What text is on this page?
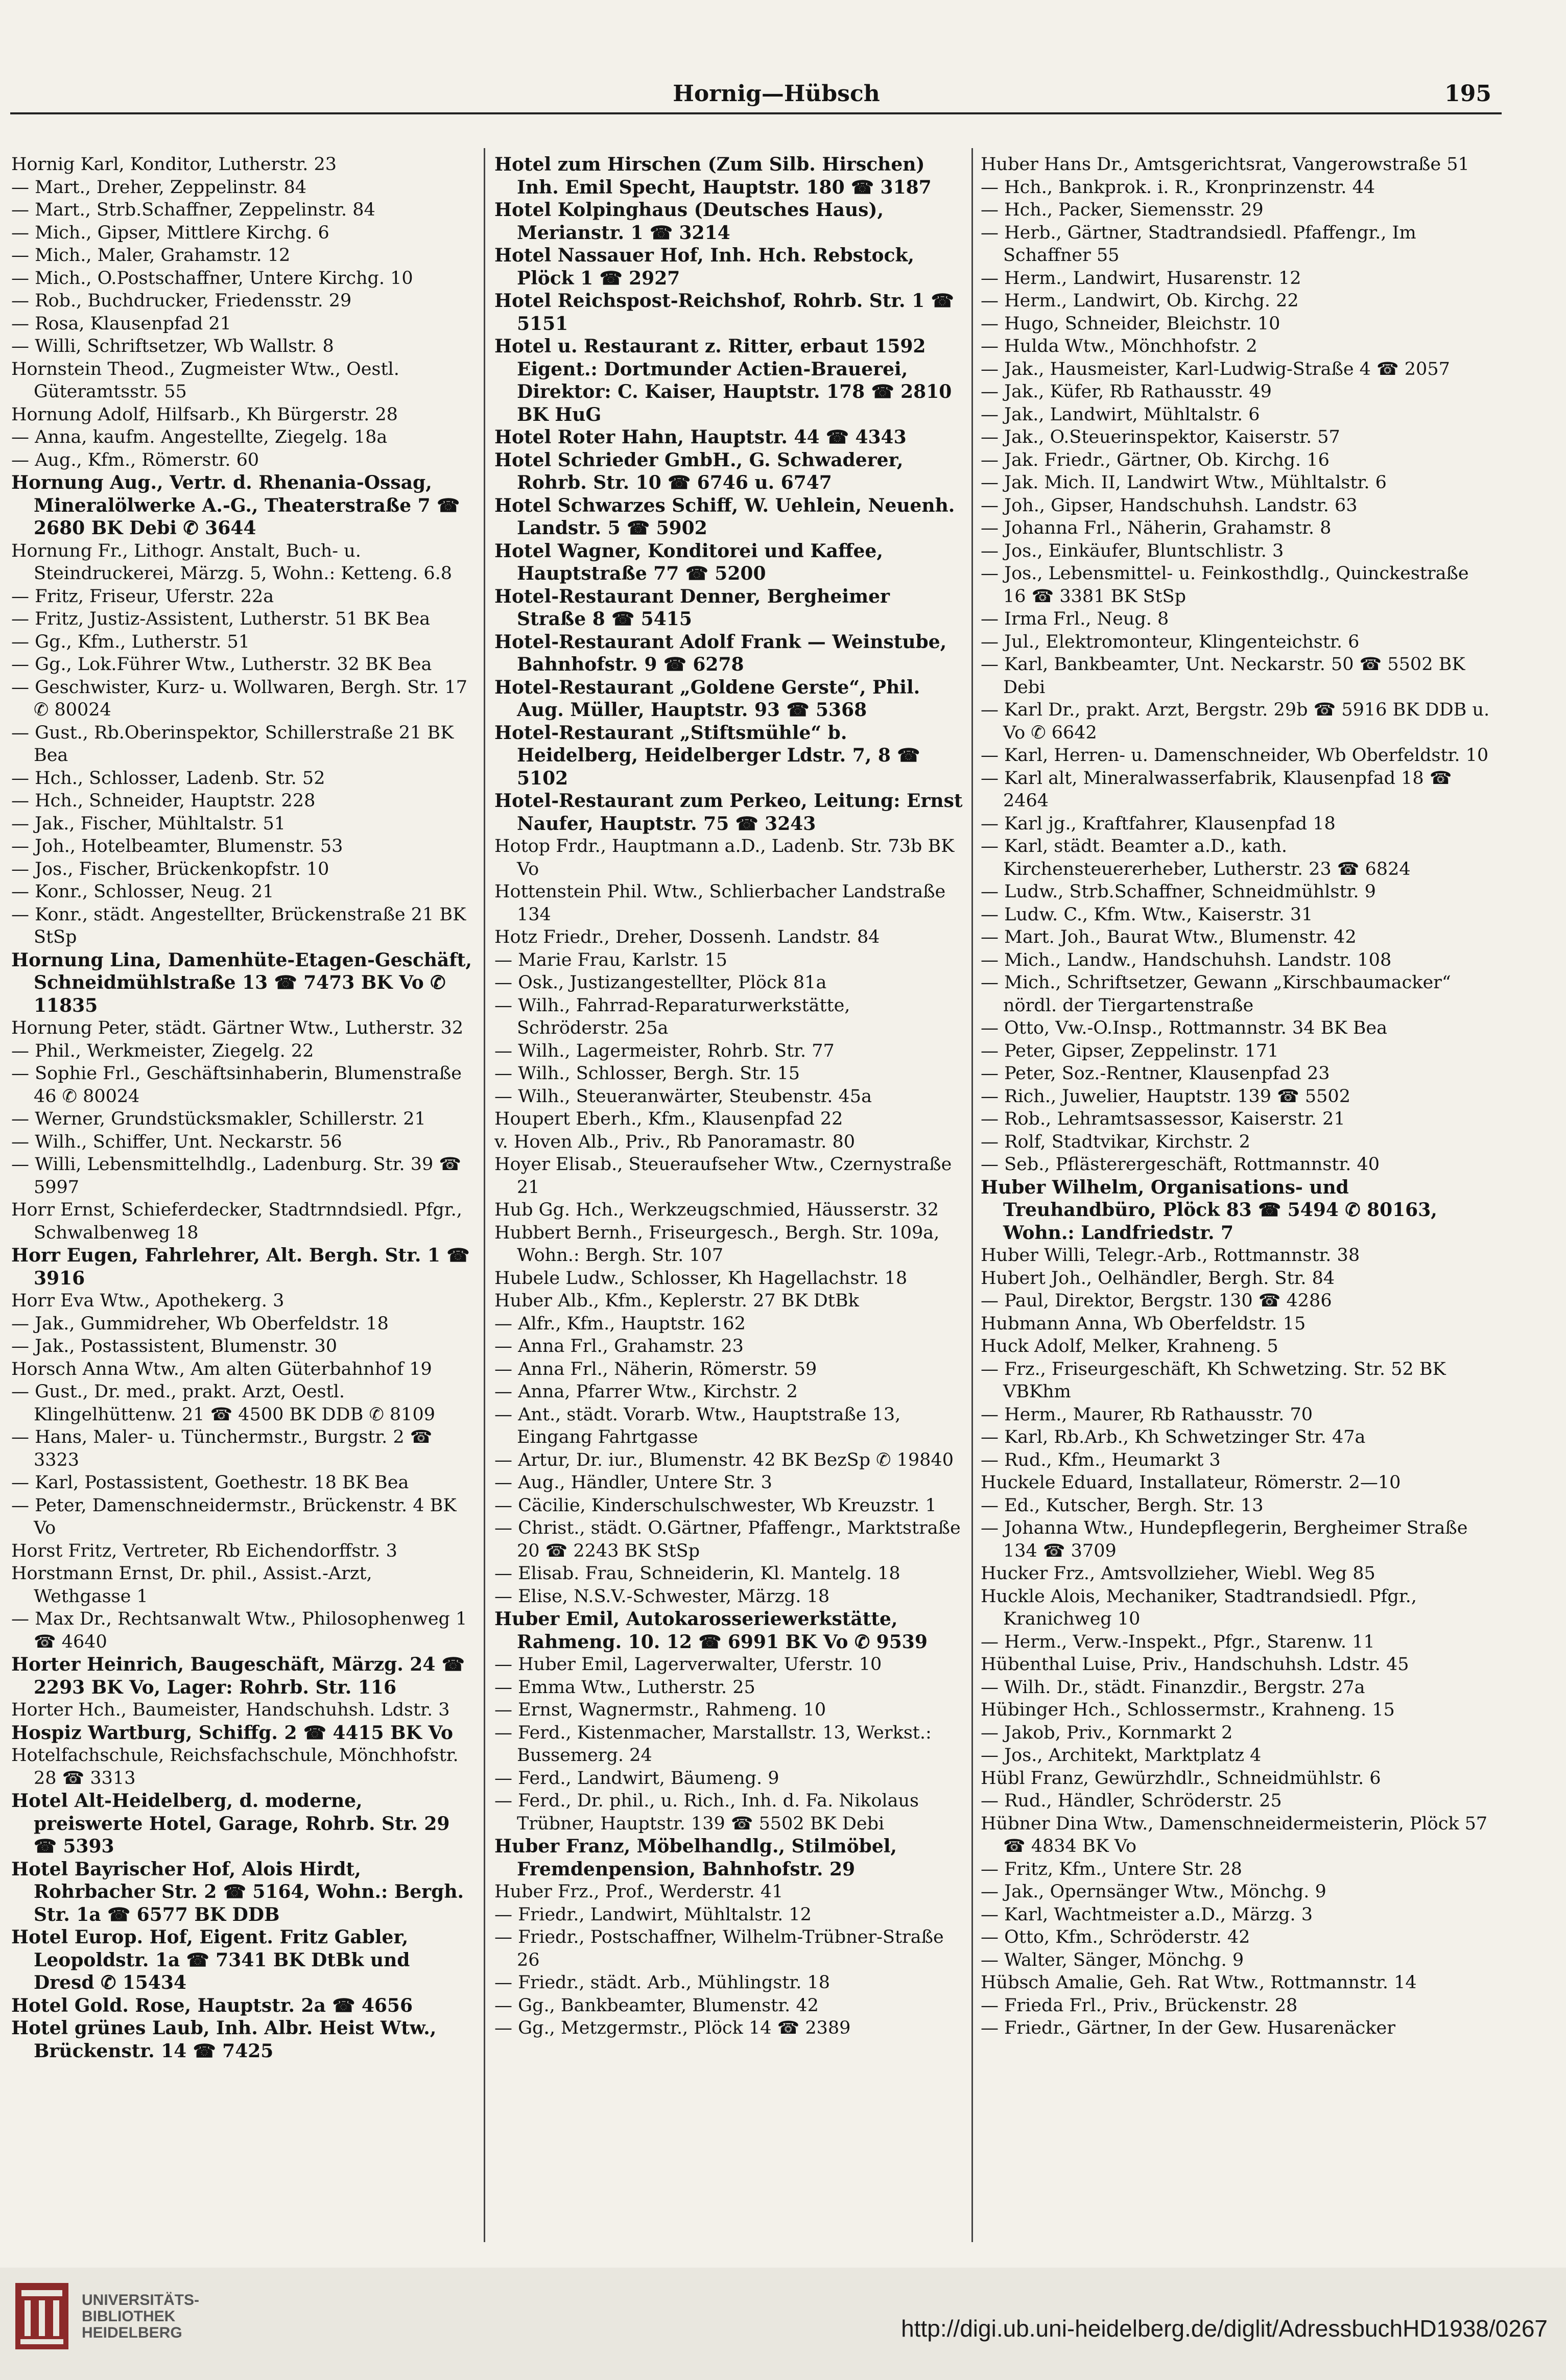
Hornig—Hübsch	195
Hornig Karl, Konditor, Lutherstr. 23
— Mart., Dreher, Zeppelinstr. 84
— Mart., Strb.Schaffner, Zeppelinstr. 84
— Mich., Gipser, Mittlere Kirchg. 6
— Mich., Maler, Grahamstr. 12
— Mich., O.Postschaffner, Untere Kirchg. 10
— Rob., Buchdrucker, Friedensstr. 29
— Rosa, Klausenpfad 21
— Willi, Schriftsetzer, Wb Wallstr. 8
Hornstein Theod., Zugmeister Wtw., Oestl. Güteramtsstr. 55
Hornung Adolf, Hilfsarb., Kh Bürgerstr. 28
— Anna, kaufm. Angestellte, Ziegelg. 18a
— Aug., Kfm., Römerstr. 60
Hornung Aug., Vertr. d. Rhenania-Ossag, Mineralölwerke A.-G., Theaterstraße 7 ☎ 2680 BK Debi ✆ 3644
Hornung Fr., Lithogr. Anstalt, Buch- u. Steindruckerei, Märzg. 5, Wohn.: Ketteng. 6.8
— Fritz, Friseur, Uferstr. 22a
— Fritz, Justiz-Assistent, Lutherstr. 51 BK Bea
— Gg., Kfm., Lutherstr. 51
— Gg., Lok.Führer Wtw., Lutherstr. 32 BK Bea
— Geschwister, Kurz- u. Wollwaren, Bergh. Str. 17 ✆ 80024
— Gust., Rb.Oberinspektor, Schillerstraße 21 BK Bea
— Hch., Schlosser, Ladenb. Str. 52
— Hch., Schneider, Hauptstr. 228
— Jak., Fischer, Mühltalstr. 51
— Joh., Hotelbeamter, Blumenstr. 53
— Jos., Fischer, Brückenkopfstr. 10
— Konr., Schlosser, Neug. 21
— Konr., städt. Angestellter, Brückenstraße 21 BK StSp
Hornung Lina, Damenhüte-Etagen-Geschäft, Schneidmühlstraße 13 ☎ 7473 BK Vo ✆ 11835
Hornung Peter, städt. Gärtner Wtw., Lutherstr. 32
— Phil., Werkmeister, Ziegelg. 22
— Sophie Frl., Geschäftsinhaberin, Blumenstraße 46 ✆ 80024
— Werner, Grundstücksmakler, Schillerstr. 21
— Wilh., Schiffer, Unt. Neckarstr. 56
— Willi, Lebensmittelhdlg., Ladenburg. Str. 39 ☎ 5997
Horr Ernst, Schieferdecker, Stadtrnndsiedl. Pfgr., Schwalbenweg 18
Horr Eugen, Fahrlehrer, Alt. Bergh. Str. 1 ☎ 3916
Horr Eva Wtw., Apothekerg. 3
— Jak., Gummidreher, Wb Oberfeldstr. 18
— Jak., Postassistent, Blumenstr. 30
Horsch Anna Wtw., Am alten Güterbahnhof 19
— Gust., Dr. med., prakt. Arzt, Oestl. Klingelhüttenw. 21 ☎ 4500 BK DDB ✆ 8109
— Hans, Maler- u. Tünchermstr., Burgstr. 2 ☎ 3323
— Karl, Postassistent, Goethestr. 18 BK Bea
— Peter, Damenschneidermstr., Brückenstr. 4 BK Vo
Horst Fritz, Vertreter, Rb Eichendorffstr. 3
Horstmann Ernst, Dr. phil., Assist.-Arzt, Wethgasse 1
— Max Dr., Rechtsanwalt Wtw., Philosophenweg 1 ☎ 4640
Horter Heinrich, Baugeschäft, Märzg. 24 ☎ 2293 BK Vo, Lager: Rohrb. Str. 116
Horter Hch., Baumeister, Handschuhsh. Ldstr. 3
Hospiz Wartburg, Schiffg. 2 ☎ 4415 BK Vo
Hotelfachschule, Reichsfachschule, Mönchhofstr. 28 ☎ 3313
Hotel Alt-Heidelberg, d. moderne, preiswerte Hotel, Garage, Rohrb. Str. 29 ☎ 5393
Hotel Bayrischer Hof, Alois Hirdt, Rohrbacher Str. 2 ☎ 5164, Wohn.: Bergh. Str. 1a ☎ 6577 BK DDB
Hotel Europ. Hof, Eigent. Fritz Gabler, Leopoldstr. 1a ☎ 7341 BK DtBk und Dresd ✆ 15434
Hotel Gold. Rose, Hauptstr. 2a ☎ 4656
Hotel grünes Laub, Inh. Albr. Heist Wtw., Brückenstr. 14 ☎ 7425
Hotel zum Hirschen (Zum Silb. Hirschen) Inh. Emil Specht, Hauptstr. 180 ☎ 3187
Hotel Kolpinghaus (Deutsches Haus), Merianstr. 1 ☎ 3214
Hotel Nassauer Hof, Inh. Hch. Rebstock, Plöck 1 ☎ 2927
Hotel Reichspost-Reichshof, Rohrb. Str. 1 ☎ 5151
Hotel u. Restaurant z. Ritter, erbaut 1592 Eigent.: Dortmunder Actien-Brauerei, Direktor: C. Kaiser, Hauptstr. 178 ☎ 2810 BK HuG
Hotel Roter Hahn, Hauptstr. 44 ☎ 4343
Hotel Schrieder GmbH., G. Schwaderer, Rohrb. Str. 10 ☎ 6746 u. 6747
Hotel Schwarzes Schiff, W. Uehlein, Neuenh. Landstr. 5 ☎ 5902
Hotel Wagner, Konditorei und Kaffee, Hauptstraße 77 ☎ 5200
Hotel-Restaurant Denner, Bergheimer Straße 8 ☎ 5415
Hotel-Restaurant Adolf Frank — Weinstube, Bahnhofstr. 9 ☎ 6278
Hotel-Restaurant „Goldene Gerste“, Phil. Aug. Müller, Hauptstr. 93 ☎ 5368
Hotel-Restaurant „Stiftsmühle“ b. Heidelberg, Heidelberger Ldstr. 7, 8 ☎ 5102
Hotel-Restaurant zum Perkeo, Leitung: Ernst Naufer, Hauptstr. 75 ☎ 3243
Hotop Frdr., Hauptmann a.D., Ladenb. Str. 73b BK Vo
Hottenstein Phil. Wtw., Schlierbacher Landstraße 134
Hotz Friedr., Dreher, Dossenh. Landstr. 84
— Marie Frau, Karlstr. 15
— Osk., Justizangestellter, Plöck 81a
— Wilh., Fahrrad-Reparaturwerkstätte, Schröderstr. 25a
— Wilh., Lagermeister, Rohrb. Str. 77
— Wilh., Schlosser, Bergh. Str. 15
— Wilh., Steueranwärter, Steubenstr. 45a
Houpert Eberh., Kfm., Klausenpfad 22
v. Hoven Alb., Priv., Rb Panoramastr. 80
Hoyer Elisab., Steueraufseher Wtw., Czernystraße 21
Hub Gg. Hch., Werkzeugschmied, Häusserstr. 32
Hubbert Bernh., Friseurgesch., Bergh. Str. 109a, Wohn.: Bergh. Str. 107
Hubele Ludw., Schlosser, Kh Hagellachstr. 18
Huber Alb., Kfm., Keplerstr. 27 BK DtBk
— Alfr., Kfm., Hauptstr. 162
— Anna Frl., Grahamstr. 23
— Anna Frl., Näherin, Römerstr. 59
— Anna, Pfarrer Wtw., Kirchstr. 2
— Ant., städt. Vorarb. Wtw., Hauptstraße 13, Eingang Fahrtgasse
— Artur, Dr. iur., Blumenstr. 42 BK BezSp ✆ 19840
— Aug., Händler, Untere Str. 3
— Cäcilie, Kinderschulschwester, Wb Kreuzstr. 1
— Christ., städt. O.Gärtner, Pfaffengr., Marktstraße 20 ☎ 2243 BK StSp
— Elisab. Frau, Schneiderin, Kl. Mantelg. 18
— Elise, N.S.V.-Schwester, Märzg. 18
Huber Emil, Autokarosseriewerkstätte, Rahmeng. 10. 12 ☎ 6991 BK Vo ✆ 9539
— Huber Emil, Lagerverwalter, Uferstr. 10
— Emma Wtw., Lutherstr. 25
— Ernst, Wagnermstr., Rahmeng. 10
— Ferd., Kistenmacher, Marstallstr. 13, Werkst.: Bussemerg. 24
— Ferd., Landwirt, Bäumeng. 9
— Ferd., Dr. phil., u. Rich., Inh. d. Fa. Nikolaus Trübner, Hauptstr. 139 ☎ 5502 BK Debi
Huber Franz, Möbelhandlg., Stilmöbel, Fremdenpension, Bahnhofstr. 29
Huber Frz., Prof., Werderstr. 41
— Friedr., Landwirt, Mühltalstr. 12
— Friedr., Postschaffner, Wilhelm-Trübner-Straße 26
— Friedr., städt. Arb., Mühlingstr. 18
— Gg., Bankbeamter, Blumenstr. 42
— Gg., Metzgermstr., Plöck 14 ☎ 2389
Huber Hans Dr., Amtsgerichtsrat, Vangerowstraße 51
— Hch., Bankprok. i. R., Kronprinzenstr. 44
— Hch., Packer, Siemensstr. 29
— Herb., Gärtner, Stadtrandsiedl. Pfaffengr., Im Schaffner 55
— Herm., Landwirt, Husarenstr. 12
— Herm., Landwirt, Ob. Kirchg. 22
— Hugo, Schneider, Bleichstr. 10
— Hulda Wtw., Mönchhofstr. 2
— Jak., Hausmeister, Karl-Ludwig-Straße 4 ☎ 2057
— Jak., Küfer, Rb Rathausstr. 49
— Jak., Landwirt, Mühltalstr. 6
— Jak., O.Steuerinspektor, Kaiserstr. 57
— Jak. Friedr., Gärtner, Ob. Kirchg. 16
— Jak. Mich. II, Landwirt Wtw., Mühltalstr. 6
— Joh., Gipser, Handschuhsh. Landstr. 63
— Johanna Frl., Näherin, Grahamstr. 8
— Jos., Einkäufer, Bluntschlistr. 3
— Jos., Lebensmittel- u. Feinkosthdlg., Quinckestraße 16 ☎ 3381 BK StSp
— Irma Frl., Neug. 8
— Jul., Elektromonteur, Klingenteichstr. 6
— Karl, Bankbeamter, Unt. Neckarstr. 50 ☎ 5502 BK Debi
— Karl Dr., prakt. Arzt, Bergstr. 29b ☎ 5916 BK DDB u. Vo ✆ 6642
— Karl, Herren- u. Damenschneider, Wb Oberfeldstr. 10
— Karl alt, Mineralwasserfabrik, Klausenpfad 18 ☎ 2464
— Karl jg., Kraftfahrer, Klausenpfad 18
— Karl, städt. Beamter a.D., kath. Kirchensteuererheber, Lutherstr. 23 ☎ 6824
— Ludw., Strb.Schaffner, Schneidmühlstr. 9
— Ludw. C., Kfm. Wtw., Kaiserstr. 31
— Mart. Joh., Baurat Wtw., Blumenstr. 42
— Mich., Landw., Handschuhsh. Landstr. 108
— Mich., Schriftsetzer, Gewann „Kirschbaumacker“ nördl. der Tiergartenstraße
— Otto, Vw.-O.Insp., Rottmannstr. 34 BK Bea
— Peter, Gipser, Zeppelinstr. 171
— Peter, Soz.-Rentner, Klausenpfad 23
— Rich., Juwelier, Hauptstr. 139 ☎ 5502
— Rob., Lehramtsassessor, Kaiserstr. 21
— Rolf, Stadtvikar, Kirchstr. 2
— Seb., Pflästerergeschäft, Rottmannstr. 40
Huber Wilhelm, Organisations- und Treuhandbüro, Plöck 83 ☎ 5494 ✆ 80163, Wohn.: Landfriedstr. 7
Huber Willi, Telegr.-Arb., Rottmannstr. 38
Hubert Joh., Oelhändler, Bergh. Str. 84
— Paul, Direktor, Bergstr. 130 ☎ 4286
Hubmann Anna, Wb Oberfeldstr. 15
Huck Adolf, Melker, Krahneng. 5
— Frz., Friseurgeschäft, Kh Schwetzing. Str. 52 BK VBKhm
— Herm., Maurer, Rb Rathausstr. 70
— Karl, Rb.Arb., Kh Schwetzinger Str. 47a
— Rud., Kfm., Heumarkt 3
Huckele Eduard, Installateur, Römerstr. 2—10
— Ed., Kutscher, Bergh. Str. 13
— Johanna Wtw., Hundepflegerin, Bergheimer Straße 134 ☎ 3709
Hucker Frz., Amtsvollzieher, Wiebl. Weg 85
Huckle Alois, Mechaniker, Stadtrandsiedl. Pfgr., Kranichweg 10
— Herm., Verw.-Inspekt., Pfgr., Starenw. 11
Hübenthal Luise, Priv., Handschuhsh. Ldstr. 45
— Wilh. Dr., städt. Finanzdir., Bergstr. 27a
Hübinger Hch., Schlossermstr., Krahneng. 15
— Jakob, Priv., Kornmarkt 2
— Jos., Architekt, Marktplatz 4
Hübl Franz, Gewürzhdlr., Schneidmühlstr. 6
— Rud., Händler, Schröderstr. 25
Hübner Dina Wtw., Damenschneidermeisterin, Plöck 57 ☎ 4834 BK Vo
— Fritz, Kfm., Untere Str. 28
— Jak., Opernsänger Wtw., Mönchg. 9
— Karl, Wachtmeister a.D., Märzg. 3
— Otto, Kfm., Schröderstr. 42
— Walter, Sänger, Mönchg. 9
Hübsch Amalie, Geh. Rat Wtw., Rottmannstr. 14
— Frieda Frl., Priv., Brückenstr. 28
— Friedr., Gärtner, In der Gew. Husarenäcker
UNIVERSITÄTS-
BIBLIOTHEK
HEIDELBERG	http://digi.ub.uni-heidelberg.de/diglit/AdressbuchHD1938/0267
